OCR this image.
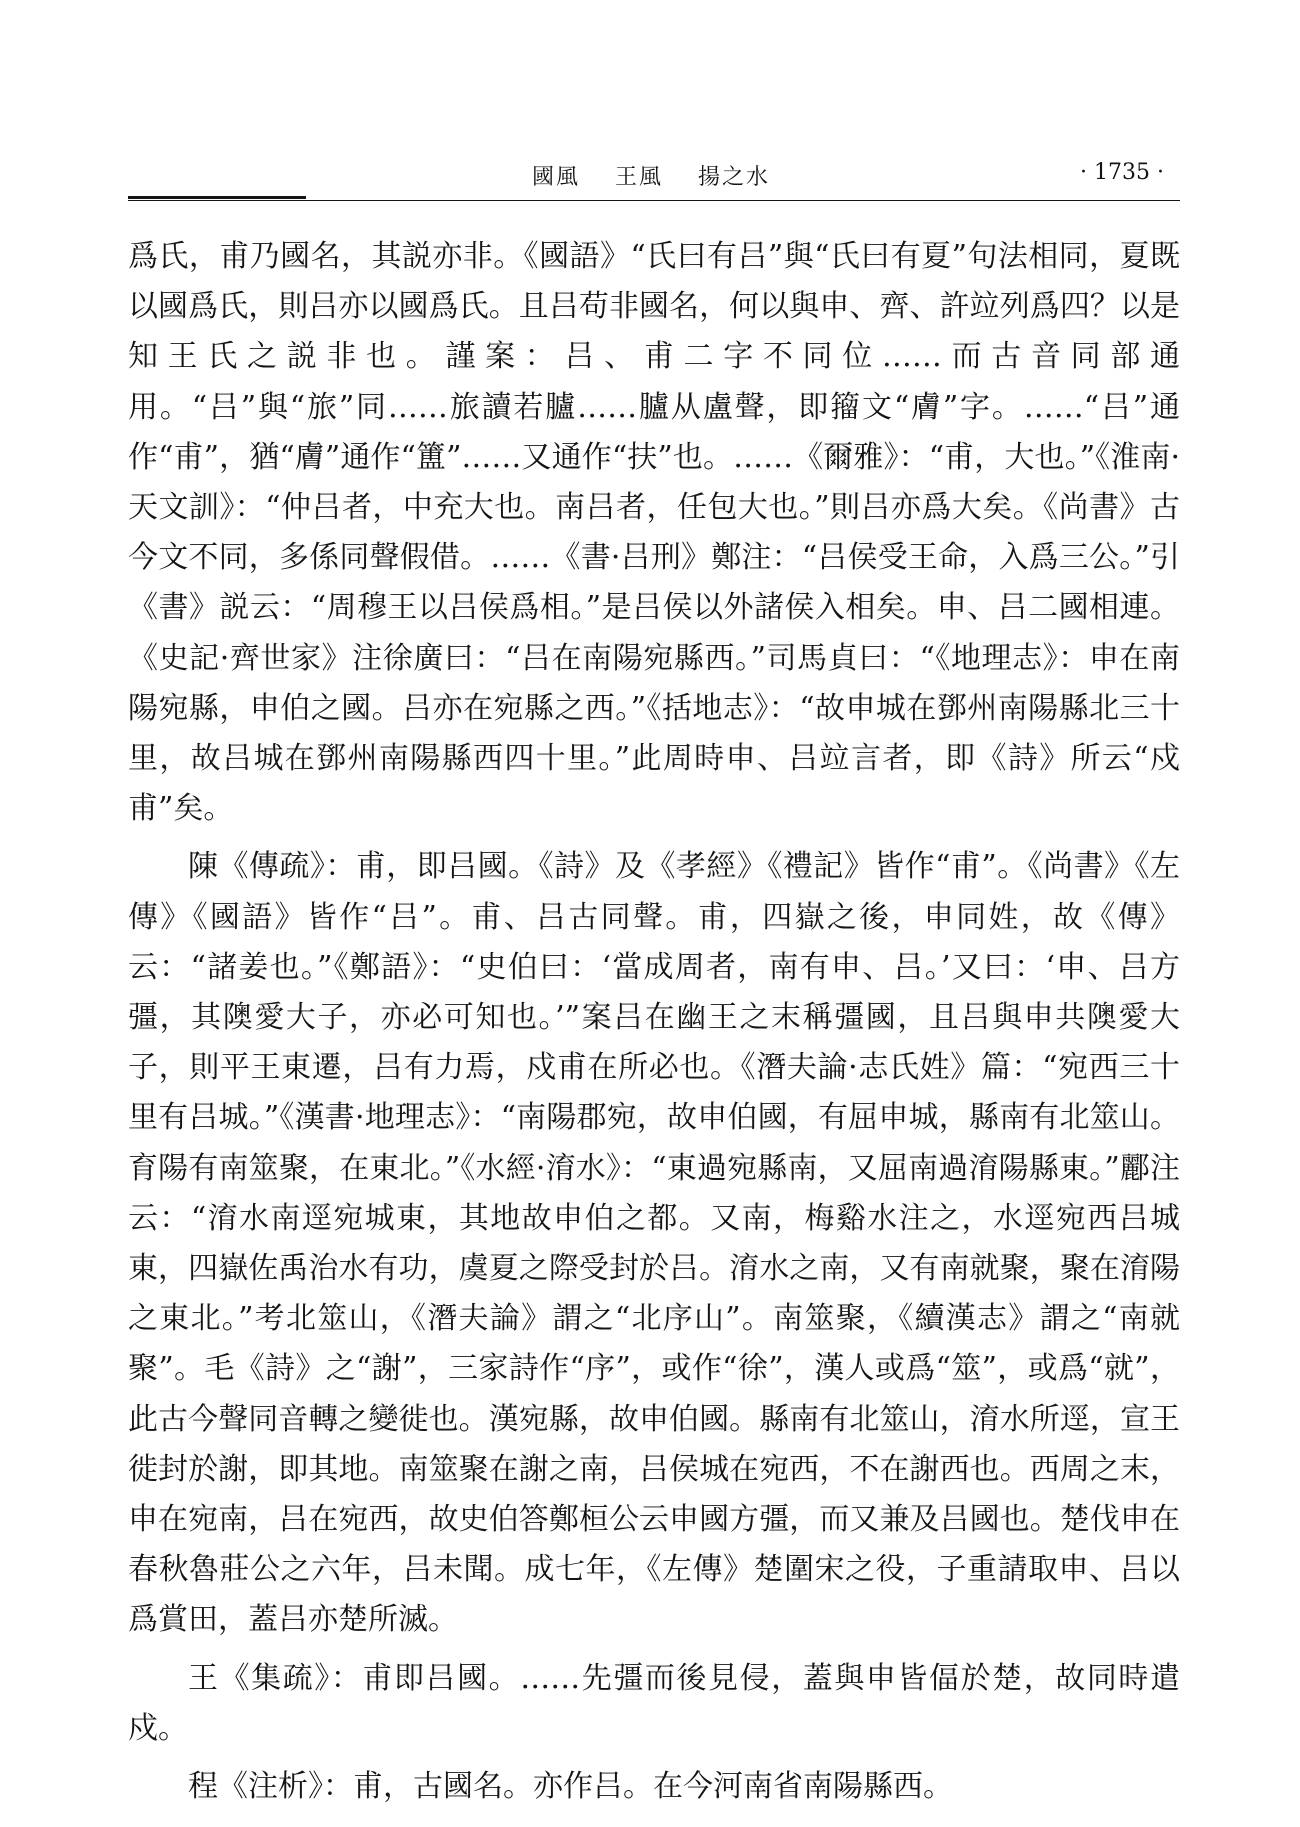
國風 王風 揚之水	· 1735 ·

爲氏，甫乃國名，其説亦非。《國語》“氏曰有吕”與“氏曰有夏”句法相同，夏既以國爲氏，則吕亦以國爲氏。且吕苟非國名，何以與申、齊、許竝列爲四？以是知王氏之説非也。謹案：吕、甫二字不同位……而古音同部通用。“吕”與“旅”同……旅讀若臚……臚从盧聲，即籀文“膚”字。……“吕”通作“甫”，猶“膚”通作“簠”……又通作“扶”也。……《爾雅》：“甫，大也。”《淮南·天文訓》：“仲吕者，中充大也。南吕者，任包大也。”則吕亦爲大矣。《尚書》古今文不同，多係同聲假借。……《書·吕刑》鄭注：“吕侯受王命，入爲三公。”引《書》説云：“周穆王以吕侯爲相。”是吕侯以外諸侯入相矣。申、吕二國相連。《史記·齊世家》注徐廣曰：“吕在南陽宛縣西。”司馬貞曰：“《地理志》：申在南陽宛縣，申伯之國。吕亦在宛縣之西。”《括地志》：“故申城在鄧州南陽縣北三十里，故吕城在鄧州南陽縣西四十里。”此周時申、吕竝言者，即《詩》所云“戍甫”矣。

陳《傳疏》：甫，即吕國。《詩》及《孝經》《禮記》皆作“甫”。《尚書》《左傳》《國語》皆作“吕”。甫、吕古同聲。甫，四嶽之後，申同姓，故《傳》云：“諸姜也。”《鄭語》：“史伯曰：‘當成周者，南有申、吕。’又曰：‘申、吕方彊，其隩愛大子，亦必可知也。’”案吕在幽王之末稱彊國，且吕與申共隩愛大子，則平王東遷，吕有力焉，戍甫在所必也。《潛夫論·志氏姓》篇：“宛西三十里有吕城。”《漢書·地理志》：“南陽郡宛，故申伯國，有屈申城，縣南有北筮山。育陽有南筮聚，在東北。”《水經·淯水》：“東過宛縣南，又屈南過淯陽縣東。”酈注云：“淯水南逕宛城東，其地故申伯之都。又南，梅谿水注之，水逕宛西吕城東，四嶽佐禹治水有功，虞夏之際受封於吕。淯水之南，又有南就聚，聚在淯陽之東北。”考北筮山，《潛夫論》謂之“北序山”。南筮聚，《續漢志》謂之“南就聚”。毛《詩》之“謝”，三家詩作“序”，或作“徐”，漢人或爲“筮”，或爲“就”，此古今聲同音轉之變徙也。漢宛縣，故申伯國。縣南有北筮山，淯水所逕，宣王徙封於謝，即其地。南筮聚在謝之南，吕侯城在宛西，不在謝西也。西周之末，申在宛南，吕在宛西，故史伯答鄭桓公云申國方彊，而又兼及吕國也。楚伐申在春秋魯莊公之六年，吕未聞。成七年，《左傳》楚圍宋之役，子重請取申、吕以爲賞田，蓋吕亦楚所滅。

王《集疏》：甫即吕國。……先彊而後見侵，蓋與申皆偪於楚，故同時遣戍。

程《注析》：甫，古國名。亦作吕。在今河南省南陽縣西。
